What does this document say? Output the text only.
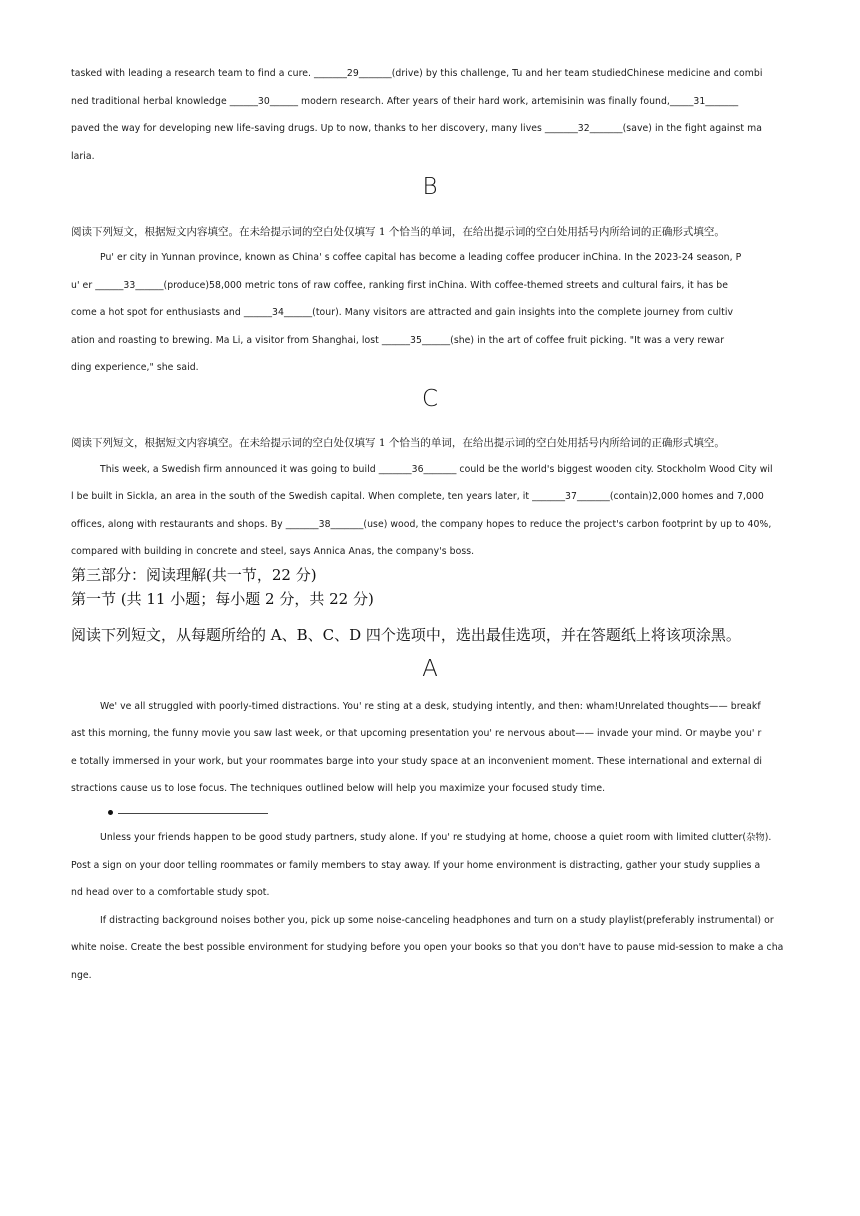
tasked with leading a research team to find a cure. _______29_______(drive) by this challenge, Tu and her team studiedChinese medicine and combi
ned traditional herbal knowledge ______30______ modern research. After years of their hard work, artemisinin was finally found,_____31_______
paved the way for developing new life-saving drugs. Up to now, thanks to her discovery, many lives _______32_______(save) in the fight against ma
laria.
B
阅读下列短文，根据短文内容填空。在未给提示词的空白处仅填写 1 个恰当的单词，在给出提示词的空白处用括号内所给词的正确形式填空。
Pu' er city in Yunnan province, known as China' s coffee capital has become a leading coffee producer inChina. In the 2023-24 season, P
u' er ______33______(produce)58,000 metric tons of raw coffee, ranking first inChina. With coffee-themed streets and cultural fairs, it has be
come a hot spot for enthusiasts and ______34______(tour). Many visitors are attracted and gain insights into the complete journey from cultiv
ation and roasting to brewing. Ma Li, a visitor from Shanghai, lost ______35______(she) in the art of coffee fruit picking. "It was a very rewar
ding experience," she said.
C
阅读下列短文，根据短文内容填空。在未给提示词的空白处仅填写 1 个恰当的单词，在给出提示词的空白处用括号内所给词的正确形式填空。
This week, a Swedish firm announced it was going to build _______36_______ could be the world's biggest wooden city. Stockholm Wood City wil
l be built in Sickla, an area in the south of the Swedish capital. When complete, ten years later, it _______37_______(contain)2,000 homes and 7,000
offices, along with restaurants and shops. By _______38_______(use) wood, the company hopes to reduce the project's carbon footprint by up to 40%,
compared with building in concrete and steel, says Annica Anas, the company's boss.
第三部分：阅读理解(共一节，22 分)
第一节 (共 11 小题；每小题 2 分，共 22 分)
阅读下列短文，从每题所给的 A、B、C、D 四个选项中，选出最佳选项，并在答题纸上将该项涂黑。
A
We' ve all struggled with poorly-timed distractions. You' re sting at a desk, studying intently, and then: wham!Unrelated thoughts—— breakf
ast this morning, the funny movie you saw last week, or that upcoming presentation you' re nervous about—— invade your mind. Or maybe you' r
e totally immersed in your work, but your roommates barge into your study space at an inconvenient moment. These international and external di
stractions cause us to lose focus. The techniques outlined below will help you maximize your focused study time.
Unless your friends happen to be good study partners, study alone. If you' re studying at home, choose a quiet room with limited clutter(杂物).
Post a sign on your door telling roommates or family members to stay away. If your home environment is distracting, gather your study supplies a
nd head over to a comfortable study spot.
If distracting background noises bother you, pick up some noise-canceling headphones and turn on a study playlist(preferably instrumental) or
white noise. Create the best possible environment for studying before you open your books so that you don't have to pause mid-session to make a cha
nge.
